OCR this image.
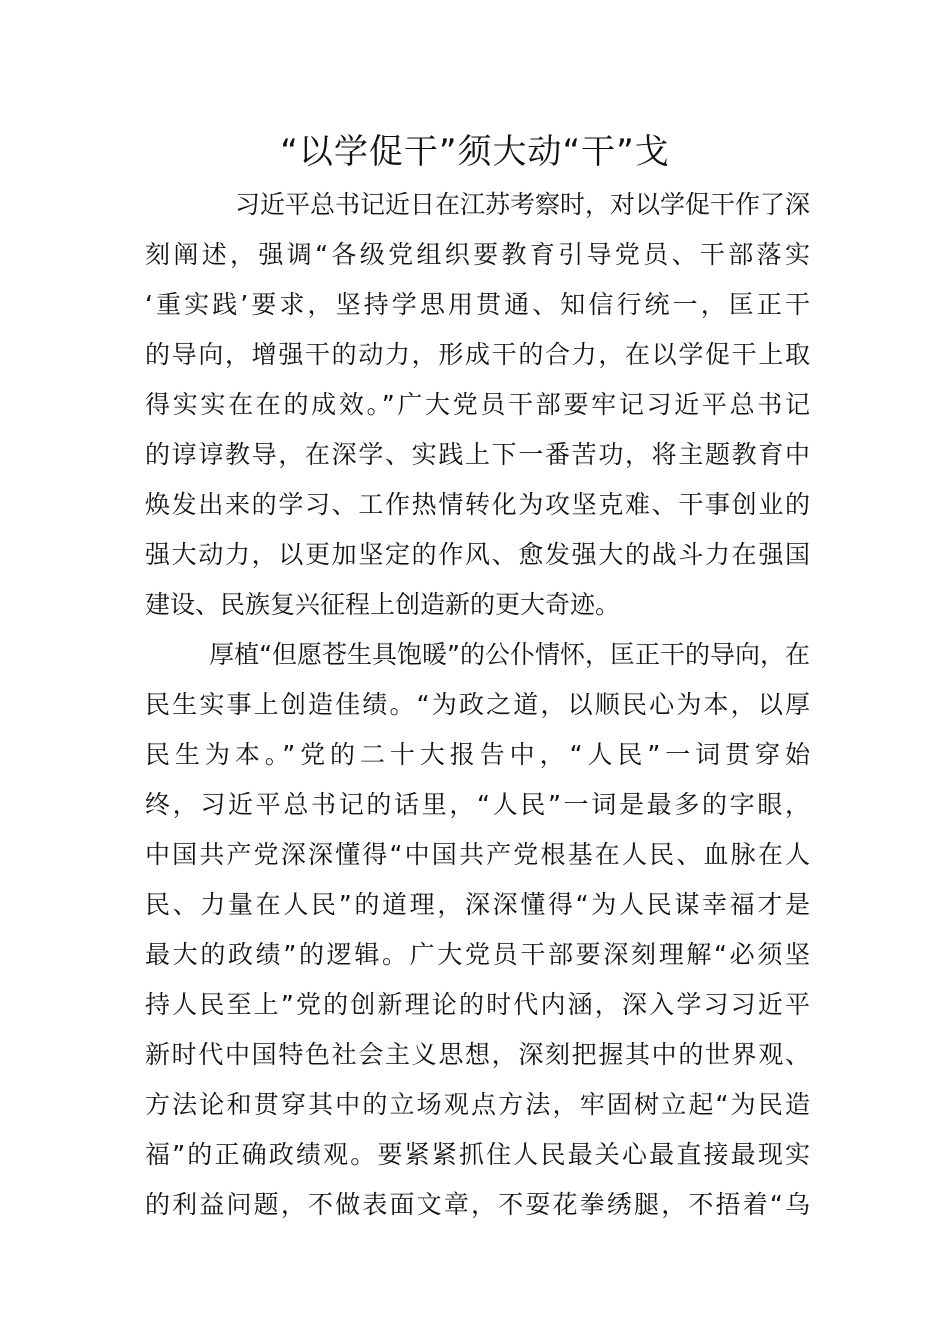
“以学促干”须大动“干”戈
习近平总书记近日在江苏考察时，对以学促干作了深
刻阐述，强调“各级党组织要教育引导党员、干部落实
‘重实践’要求，坚持学思用贯通、知信行统一，匡正干
的导向，增强干的动力，形成干的合力，在以学促干上取
得实实在在的成效。”广大党员干部要牢记习近平总书记
的谆谆教导，在深学、实践上下一番苦功，将主题教育中
焕发出来的学习、工作热情转化为攻坚克难、干事创业的
强大动力，以更加坚定的作风、愈发强大的战斗力在强国
建设、民族复兴征程上创造新的更大奇迹。
厚植“但愿苍生具饱暖”的公仆情怀，匡正干的导向，在
民生实事上创造佳绩。“为政之道，以顺民心为本，以厚
民生为本。”党的二十大报告中，“人民”一词贯穿始
终，习近平总书记的话里，“人民”一词是最多的字眼，
中国共产党深深懂得“中国共产党根基在人民、血脉在人
民、力量在人民”的道理，深深懂得“为人民谋幸福才是
最大的政绩”的逻辑。广大党员干部要深刻理解“必须坚
持人民至上”党的创新理论的时代内涵，深入学习习近平
新时代中国特色社会主义思想，深刻把握其中的世界观、
方法论和贯穿其中的立场观点方法，牢固树立起“为民造
福”的正确政绩观。要紧紧抓住人民最关心最直接最现实
的利益问题，不做表面文章，不耍花拳绣腿，不捂着“乌
